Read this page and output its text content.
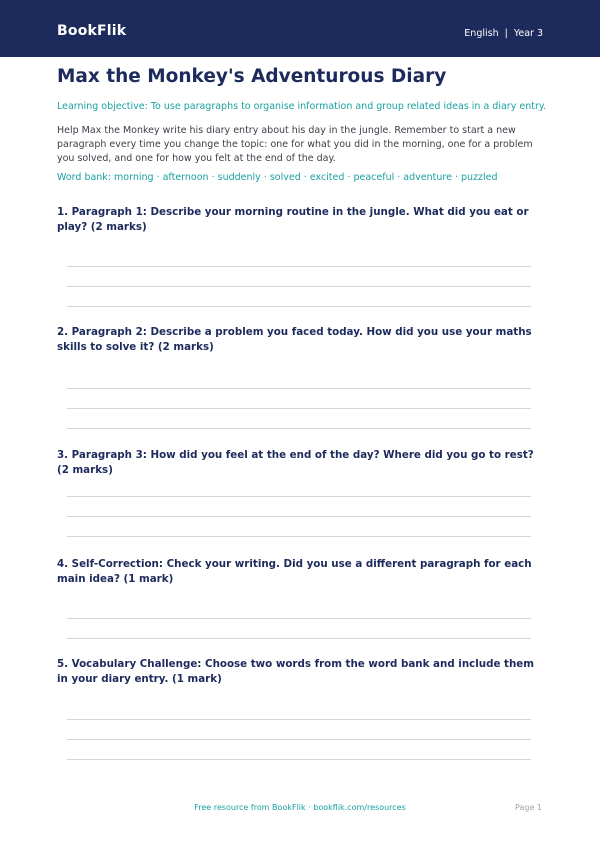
BookFlik	English | Year 3
Max the Monkey's Adventurous Diary
Learning objective: To use paragraphs to organise information and group related ideas in a diary entry.
Help Max the Monkey write his diary entry about his day in the jungle. Remember to start a new paragraph every time you change the topic: one for what you did in the morning, one for a problem you solved, and one for how you felt at the end of the day.
Word bank: morning · afternoon · suddenly · solved · excited · peaceful · adventure · puzzled
1. Paragraph 1: Describe your morning routine in the jungle. What did you eat or play? (2 marks)
2. Paragraph 2: Describe a problem you faced today. How did you use your maths skills to solve it? (2 marks)
3. Paragraph 3: How did you feel at the end of the day? Where did you go to rest? (2 marks)
4. Self-Correction: Check your writing. Did you use a different paragraph for each main idea? (1 mark)
5. Vocabulary Challenge: Choose two words from the word bank and include them in your diary entry. (1 mark)
Free resource from BookFlik · bookflik.com/resources	Page 1
